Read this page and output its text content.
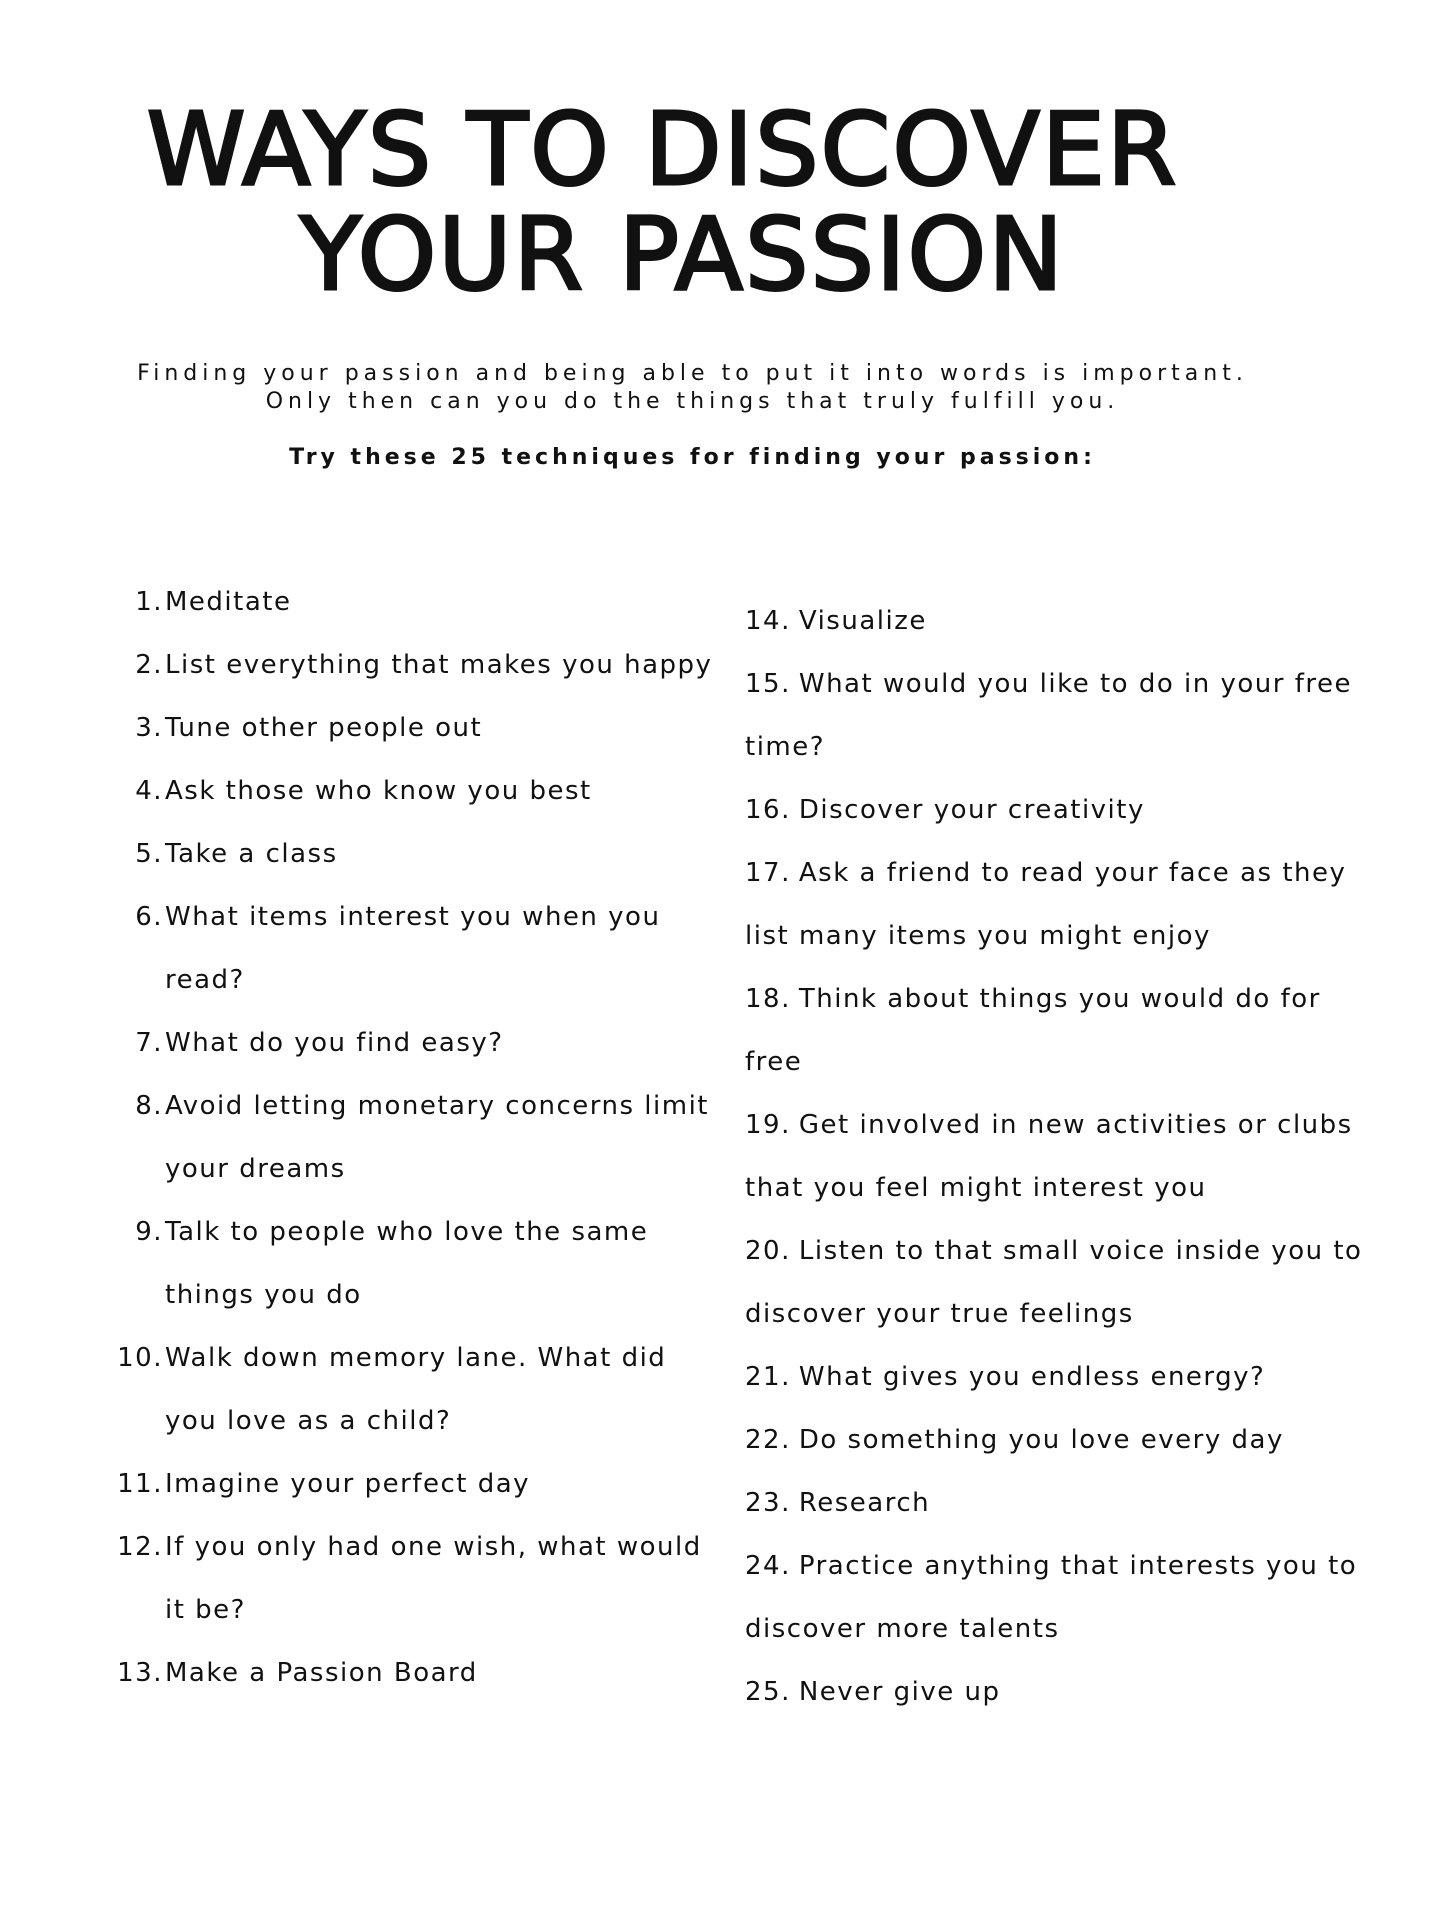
WAYS TO DISCOVER
YOUR PASSION

Finding your passion and being able to put it into words is important.

Only then can you do the things that truly fulfill you.

Try these 25 techniques for finding your passion:

1. Meditate
2. List everything that makes you happy
3. Tune other people out
4. Ask those who know you best
5. Take a class
6. What items interest you when you read?
7. What do you find easy?
8. Avoid letting monetary concerns limit your dreams
9. Talk to people who love the same things you do
10. Walk down memory lane. What did you love as a child?
11. Imagine your perfect day
12. If you only had one wish, what would it be?
13. Make a Passion Board
14. Visualize
15. What would you like to do in your free time?
16. Discover your creativity
17. Ask a friend to read your face as they list many items you might enjoy
18. Think about things you would do for free
19. Get involved in new activities or clubs that you feel might interest you
20. Listen to that small voice inside you to discover your true feelings
21. What gives you endless energy?
22. Do something you love every day
23. Research
24. Practice anything that interests you to discover more talents
25. Never give up
